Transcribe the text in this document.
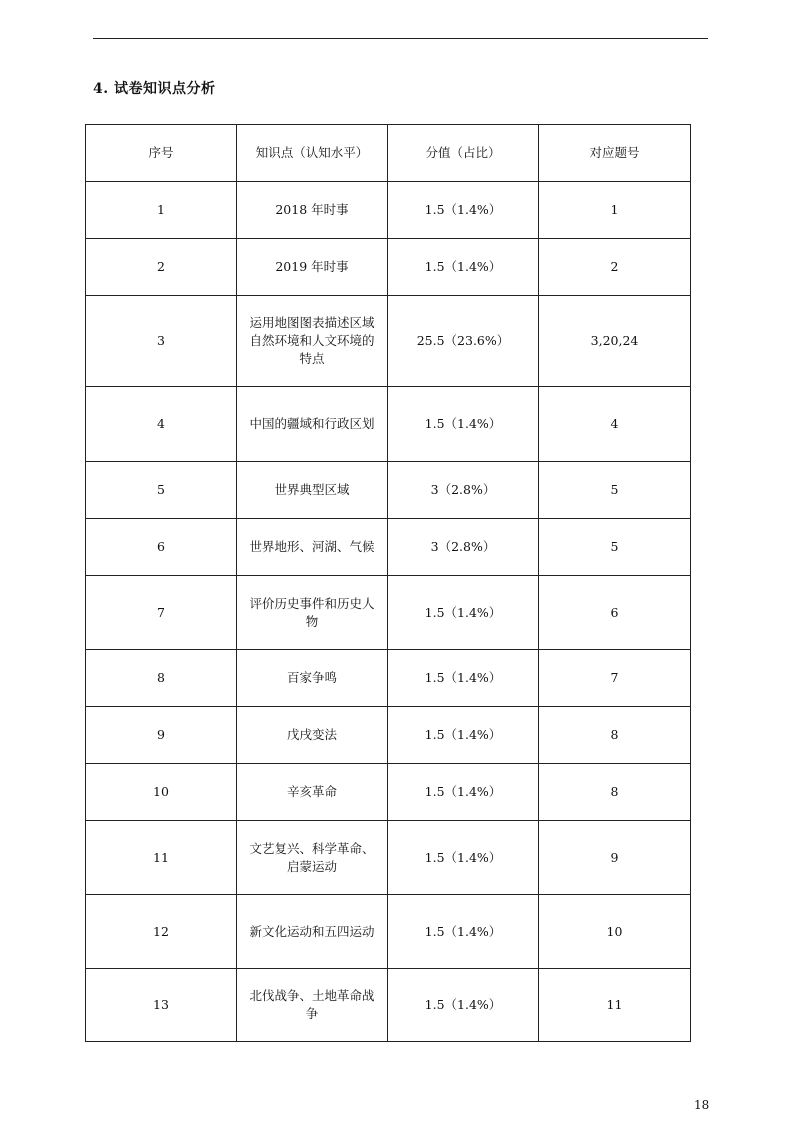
4. 试卷知识点分析
序号	知识点（认知水平）	分值（占比）	对应题号
1	2018 年时事	1.5（1.4%）	1
2	2019 年时事	1.5（1.4%）	2
3	运用地图图表描述区域自然环境和人文环境的特点	25.5（23.6%）	3,20,24
4	中国的疆域和行政区划	1.5（1.4%）	4
5	世界典型区域	3（2.8%）	5
6	世界地形、河湖、气候	3（2.8%）	5
7	评价历史事件和历史人物	1.5（1.4%）	6
8	百家争鸣	1.5（1.4%）	7
9	戊戌变法	1.5（1.4%）	8
10	辛亥革命	1.5（1.4%）	8
11	文艺复兴、科学革命、启蒙运动	1.5（1.4%）	9
12	新文化运动和五四运动	1.5（1.4%）	10
13	北伐战争、土地革命战争	1.5（1.4%）	11
18
